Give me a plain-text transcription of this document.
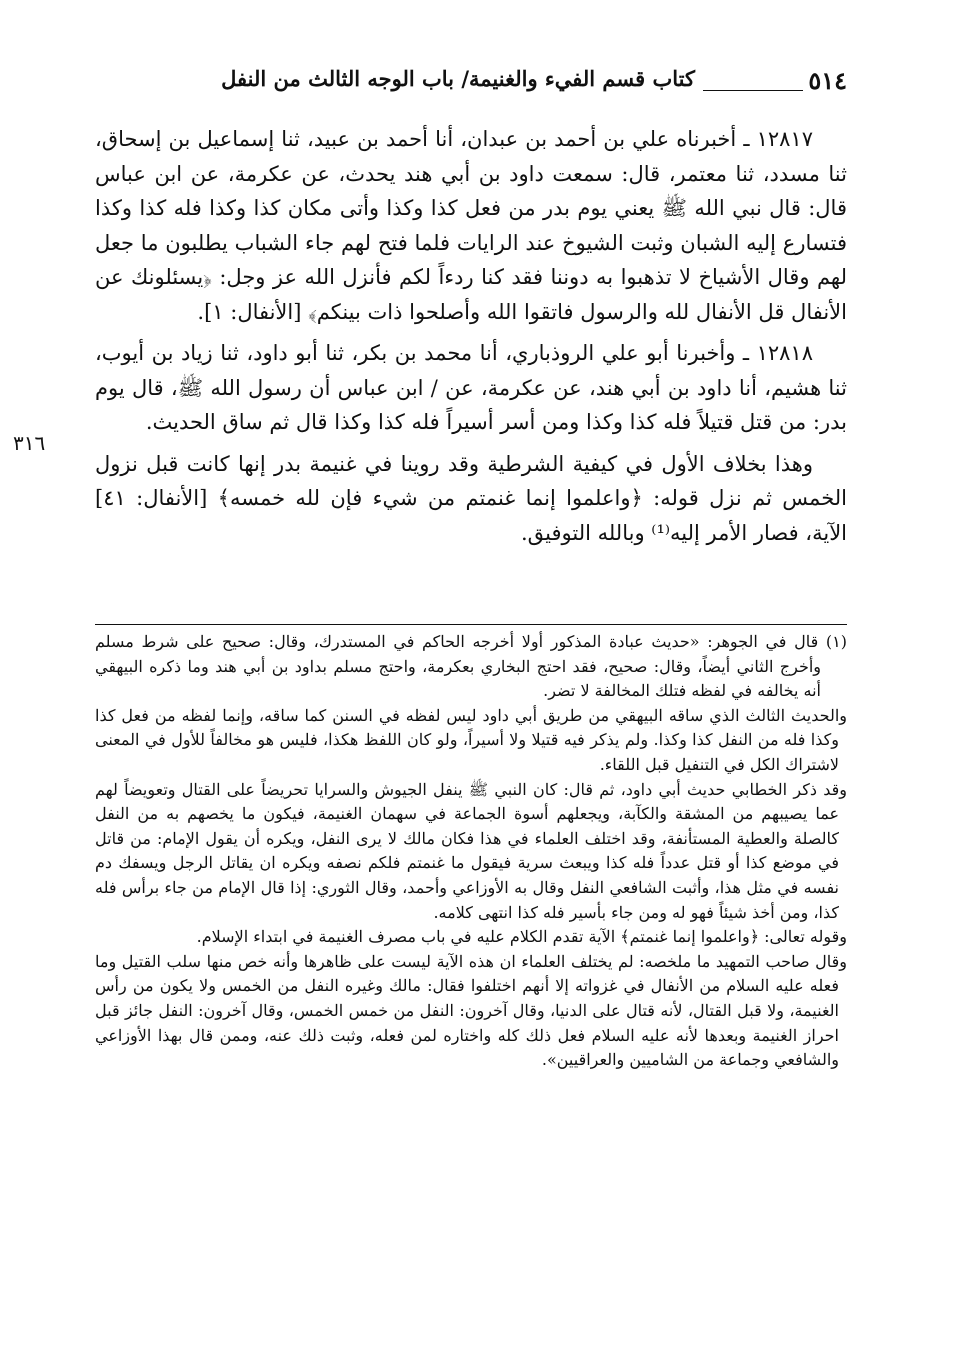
٥١٤
كتاب قسم الفيء والغنيمة/ باب الوجه الثالث من النفل
٣١٦

١٢٨١٧ ـ أخبرناه علي بن أحمد بن عبدان، أنا أحمد بن عبيد، ثنا إسماعيل بن إسحاق، ثنا مسدد، ثنا معتمر، قال: سمعت داود بن أبي هند يحدث، عن عكرمة، عن ابن عباس قال: قال نبي الله ﷺ يعني يوم بدر من فعل كذا وكذا وأتى مكان كذا وكذا فله كذا وكذا فتسارع إليه الشبان وثبت الشيوخ عند الرايات فلما فتح لهم جاء الشباب يطلبون ما جعل لهم وقال الأشياخ لا تذهبوا به دوننا فقد كنا ردءاً لكم فأنزل الله عز وجل: ﴿يسئلونك عن الأنفال قل الأنفال لله والرسول فاتقوا الله وأصلحوا ذات بينكم﴾ [الأنفال: ١].

١٢٨١٨ ـ وأخبرنا أبو علي الروذباري، أنا محمد بن بكر، ثنا أبو داود، ثنا زياد بن أيوب، ثنا هشيم، أنا داود بن أبي هند، عن عكرمة، عن / ابن عباس أن رسول الله ﷺ، قال يوم بدر: من قتل قتيلاً فله كذا وكذا ومن أسر أسيراً فله كذا وكذا قال ثم ساق الحديث.

وهذا بخلاف الأول في كيفية الشرطية وقد روينا في غنيمة بدر إنها كانت قبل نزول الخمس ثم نزل قوله: ﴿واعلموا إنما غنمتم من شيء فإن لله خمسه﴾ [الأنفال: ٤١] الآية، فصار الأمر إليه⁽¹⁾ وبالله التوفيق.

(١) قال في الجوهر: «حديث عبادة المذكور أولا أخرجه الحاكم في المستدرك، وقال: صحيح على شرط مسلم وأخرج الثاني أيضاً، وقال: صحيح، فقد احتج البخاري بعكرمة، واحتج مسلم بداود بن أبي هند وما ذكره البيهقي أنه يخالفه في لفظه فتلك المخالفة لا تضر.

والحديث الثالث الذي ساقه البيهقي من طريق أبي داود ليس لفظه في السنن كما ساقه، وإنما لفظه من فعل كذا وكذا فله من النفل كذا وكذا. ولم يذكر فيه قتيلا ولا أسيراً، ولو كان اللفظ هكذا، فليس هو مخالفاً للأول في المعنى لاشتراك الكل في التنفيل قبل اللقاء.

وقد ذكر الخطابي حديث أبي داود، ثم قال: كان النبي ﷺ ينفل الجيوش والسرايا تحريضاً على القتال وتعويضاً لهم عما يصيبهم من المشقة والكآبة، ويجعلهم أسوة الجماعة في سهمان الغنيمة، فيكون ما يخصهم به من النفل كالصلة والعطية المستأنفة، وقد اختلف العلماء في هذا فكان مالك لا يرى النفل، ويكره أن يقول الإمام: من قاتل في موضع كذا أو قتل عدداً فله كذا ويبعث سرية فيقول ما غنمتم فلكم نصفه ويكره ان يقاتل الرجل ويسفك دم نفسه في مثل هذا، وأثبت الشافعي النفل وقال به الأوزاعي وأحمد، وقال الثوري: إذا قال الإمام من جاء برأس فله كذا، ومن أخذ شيئاً فهو له ومن جاء بأسير فله كذا انتهى كلامه.

وقوله تعالى: ﴿واعلموا إنما غنمتم﴾ الآية تقدم الكلام عليه في باب مصرف الغنيمة في ابتداء الإسلام.

وقال صاحب التمهيد ما ملخصه: لم يختلف العلماء ان هذه الآية ليست على ظاهرها وأنه خص منها سلب القتيل وما فعله عليه السلام من الأنفال في غزواته إلا أنهم اختلفوا فقال: مالك وغيره النفل من الخمس ولا يكون من رأس الغنيمة، ولا قبل القتال، لأنه قتال على الدنيا، وقال آخرون: النفل من خمس الخمس، وقال آخرون: النفل جائز قبل احراز الغنيمة وبعدها لأنه عليه السلام فعل ذلك كله واختاره لمن فعله، وثبت ذلك عنه، وممن قال بهذا الأوزاعي والشافعي وجماعة من الشاميين والعراقيين».
